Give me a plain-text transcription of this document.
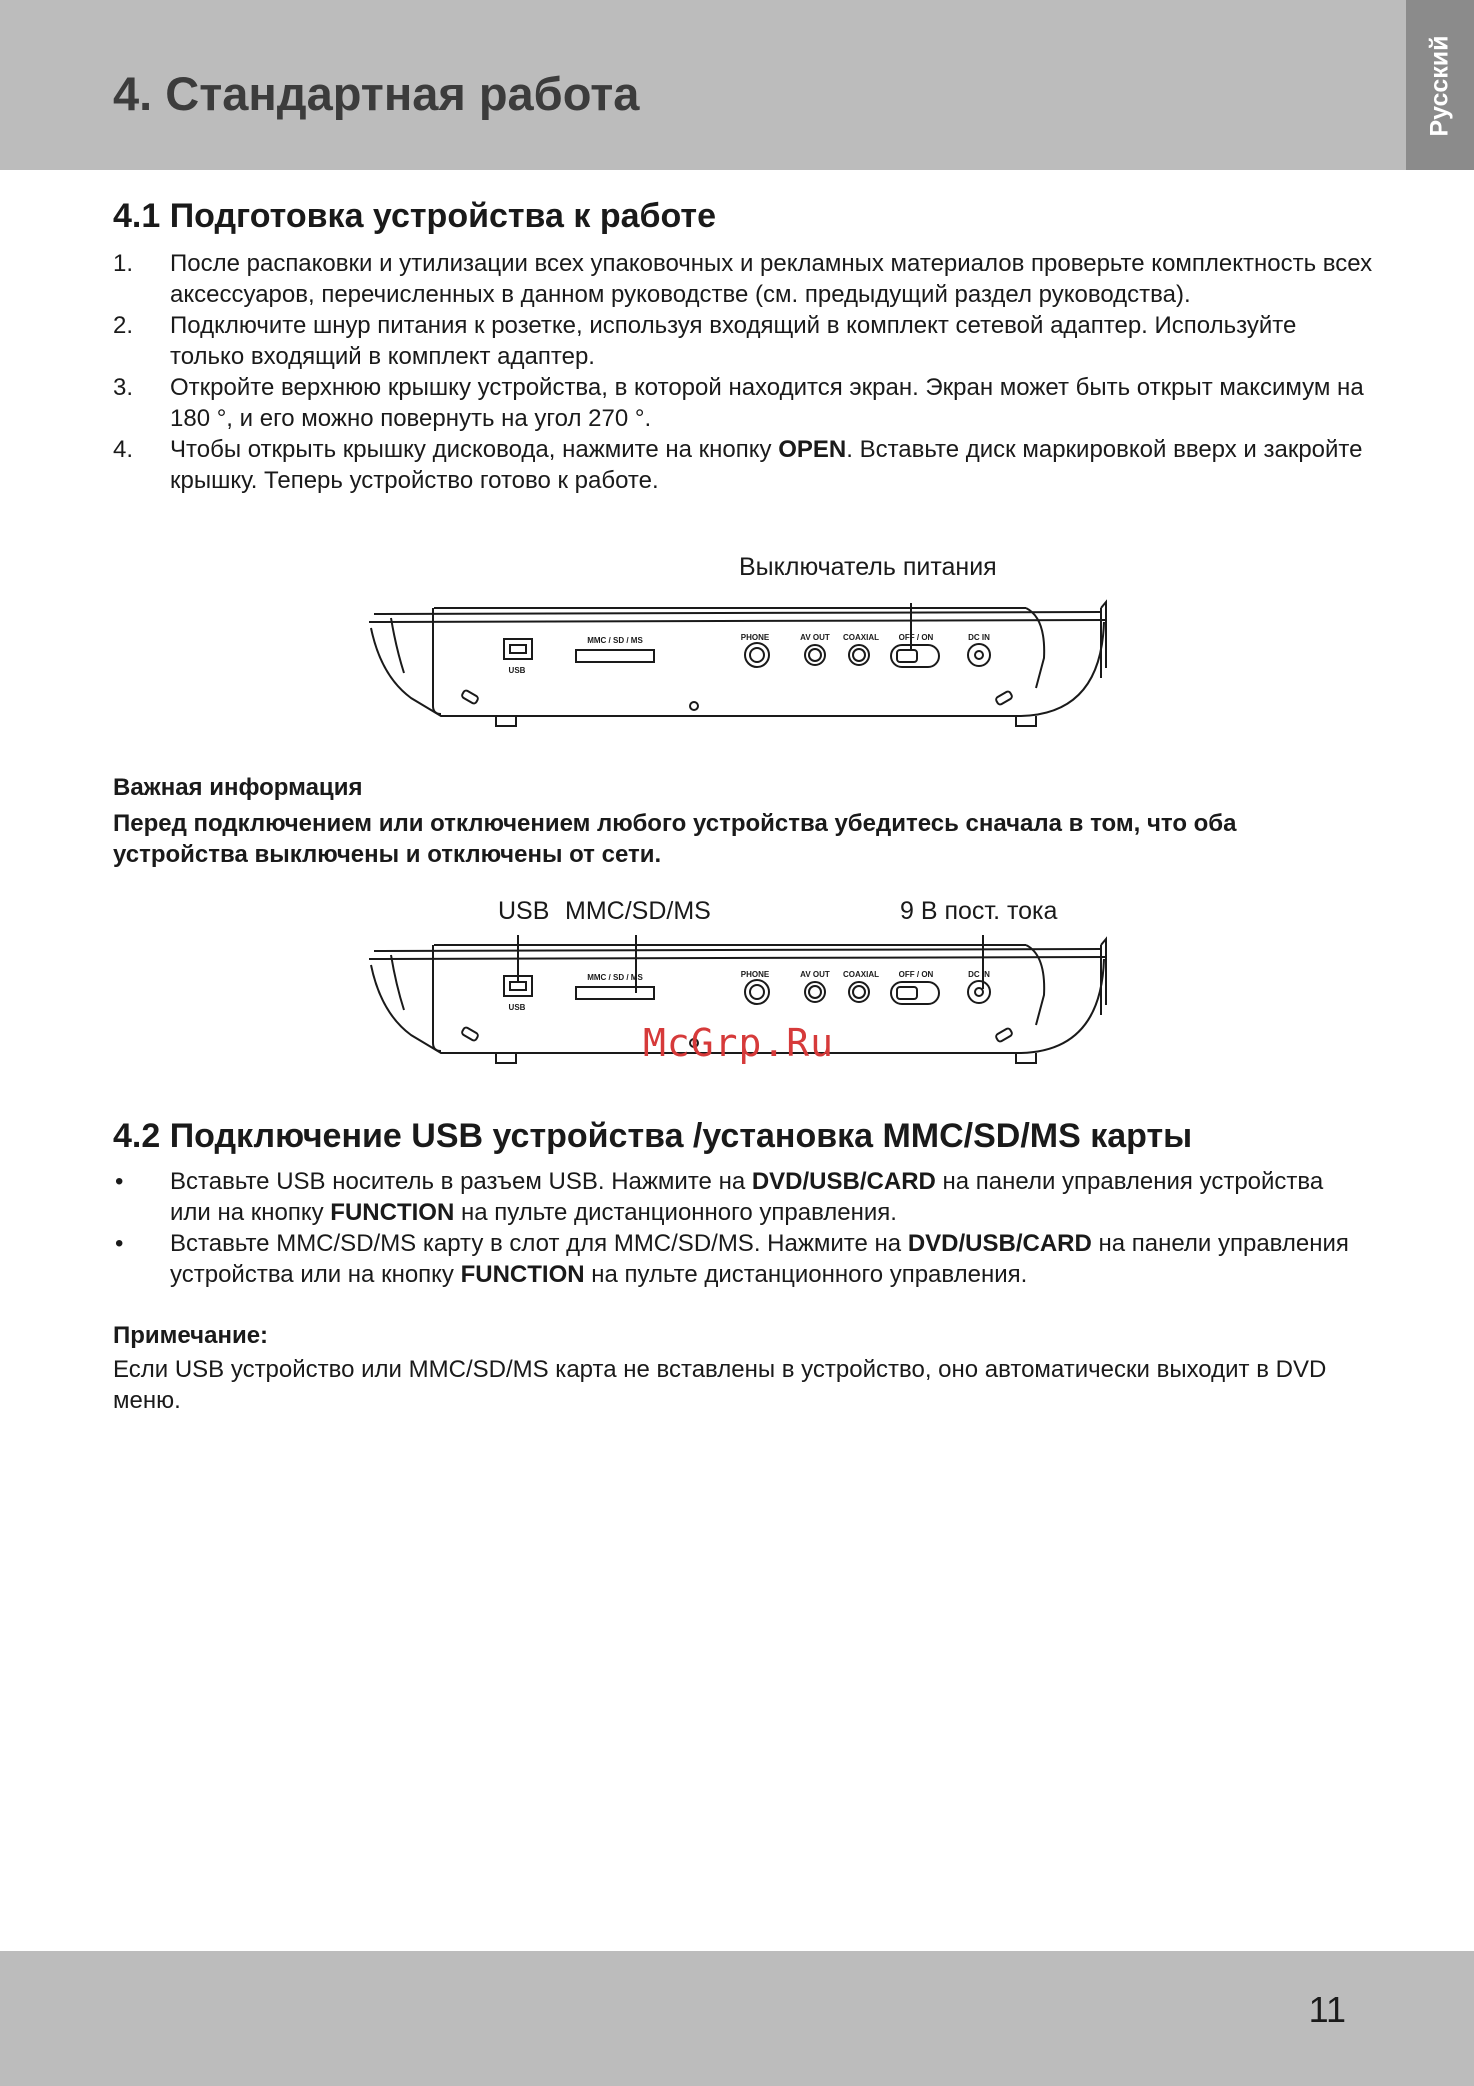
4. Стандартная работа	Русский
4.1 Подготовка устройства к работе
1. После распаковки и утилизации всех упаковочных и рекламных материалов проверьте комплектность всех аксессуаров, перечисленных в данном руководстве (см. предыдущий раздел руководства).
2. Подключите шнур питания к розетке, используя входящий в комплект сетевой адаптер. Используйте только входящий в комплект адаптер.
3. Откройте верхнюю крышку устройства, в которой находится экран. Экран может быть открыт максимум на 180 °, и его можно повернуть на угол 270 °.
4. Чтобы открыть крышку дисковода, нажмите на кнопку OPEN. Вставьте диск маркировкой вверх и закройте крышку. Теперь устройство готово к работе.
Выключатель питания
USB
MMC / SD / MS	PHONE	AV OUT COAXIAL OFF / ON	DC IN
Важная информация
Перед подключением или отключением любого устройства убедитесь сначала в том, что оба устройства выключены и отключены от сети.
USB MMC/SD/MS	9 В пост. тока
USB
MMC / SD / MS	PHONE	AV OUT COAXIAL OFF / ON	DC IN
McGrp.Ru
4.2 Подключение USB устройства /установка MMC/SD/MS карты
• Вставьте USB носитель в разъем USB. Нажмите на DVD/USB/CARD на панели управления устройства или на кнопку FUNCTION на пульте дистанционного управления.
• Вставьте MMC/SD/MS карту в слот для MMC/SD/MS. Нажмите на DVD/USB/CARD на панели управления устройства или на кнопку FUNCTION на пульте дистанционного управления.
Примечание:
Если USB устройство или MMC/SD/MS карта не вставлены в устройство, оно автоматически выходит в DVD меню.
11
